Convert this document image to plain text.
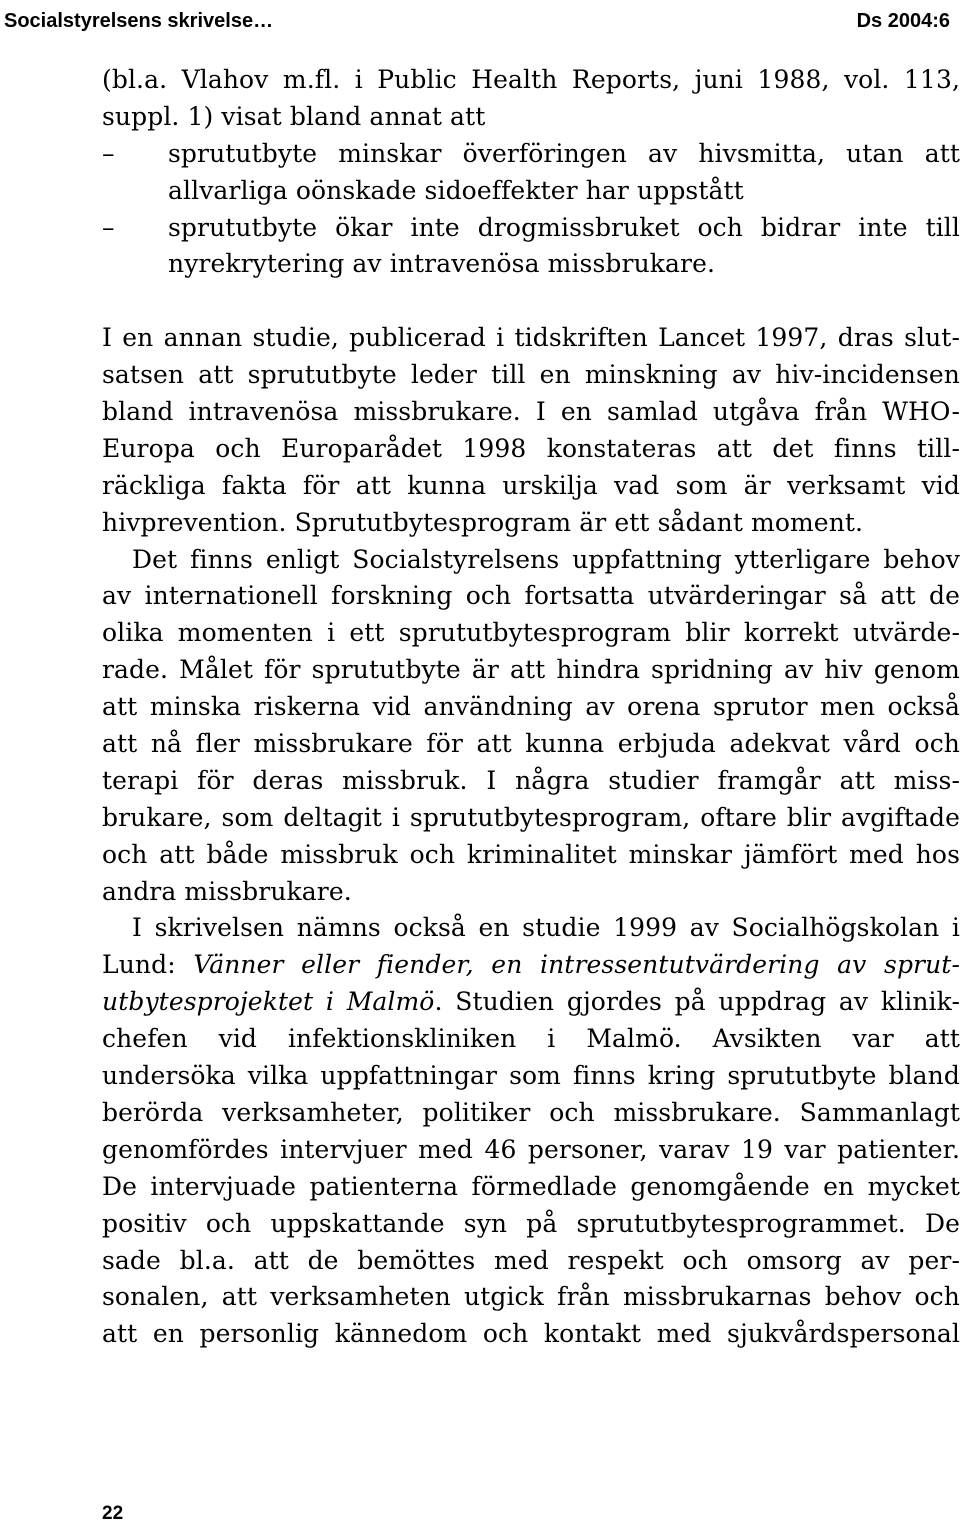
Socialstyrelsens skrivelse…	Ds 2004:6
(bl.a. Vlahov m.fl. i Public Health Reports, juni 1988, vol. 113,
suppl. 1) visat bland annat att
– sprututbyte minskar överföringen av hivsmitta, utan att
allvarliga oönskade sidoeffekter har uppstått
– sprututbyte ökar inte drogmissbruket och bidrar inte till
nyrekrytering av intravenösa missbrukare.
I en annan studie, publicerad i tidskriften Lancet 1997, dras slut-
satsen att sprututbyte leder till en minskning av hiv-incidensen
bland intravenösa missbrukare. I en samlad utgåva från WHO-
Europa och Europarådet 1998 konstateras att det finns till-
räckliga fakta för att kunna urskilja vad som är verksamt vid
hivprevention. Sprututbytesprogram är ett sådant moment.
Det finns enligt Socialstyrelsens uppfattning ytterligare behov
av internationell forskning och fortsatta utvärderingar så att de
olika momenten i ett sprututbytesprogram blir korrekt utvärde-
rade. Målet för sprututbyte är att hindra spridning av hiv genom
att minska riskerna vid användning av orena sprutor men också
att nå fler missbrukare för att kunna erbjuda adekvat vård och
terapi för deras missbruk. I några studier framgår att miss-
brukare, som deltagit i sprututbytesprogram, oftare blir avgiftade
och att både missbruk och kriminalitet minskar jämfört med hos
andra missbrukare.
I skrivelsen nämns också en studie 1999 av Socialhögskolan i
Lund: Vänner eller fiender, en intressentutvärdering av sprut-
utbytesprojektet i Malmö. Studien gjordes på uppdrag av klinik-
chefen vid infektionskliniken i Malmö. Avsikten var att
undersöka vilka uppfattningar som finns kring sprututbyte bland
berörda verksamheter, politiker och missbrukare. Sammanlagt
genomfördes intervjuer med 46 personer, varav 19 var patienter.
De intervjuade patienterna förmedlade genomgående en mycket
positiv och uppskattande syn på sprututbytesprogrammet. De
sade bl.a. att de bemöttes med respekt och omsorg av per-
sonalen, att verksamheten utgick från missbrukarnas behov och
att en personlig kännedom och kontakt med sjukvårdspersonal
22
